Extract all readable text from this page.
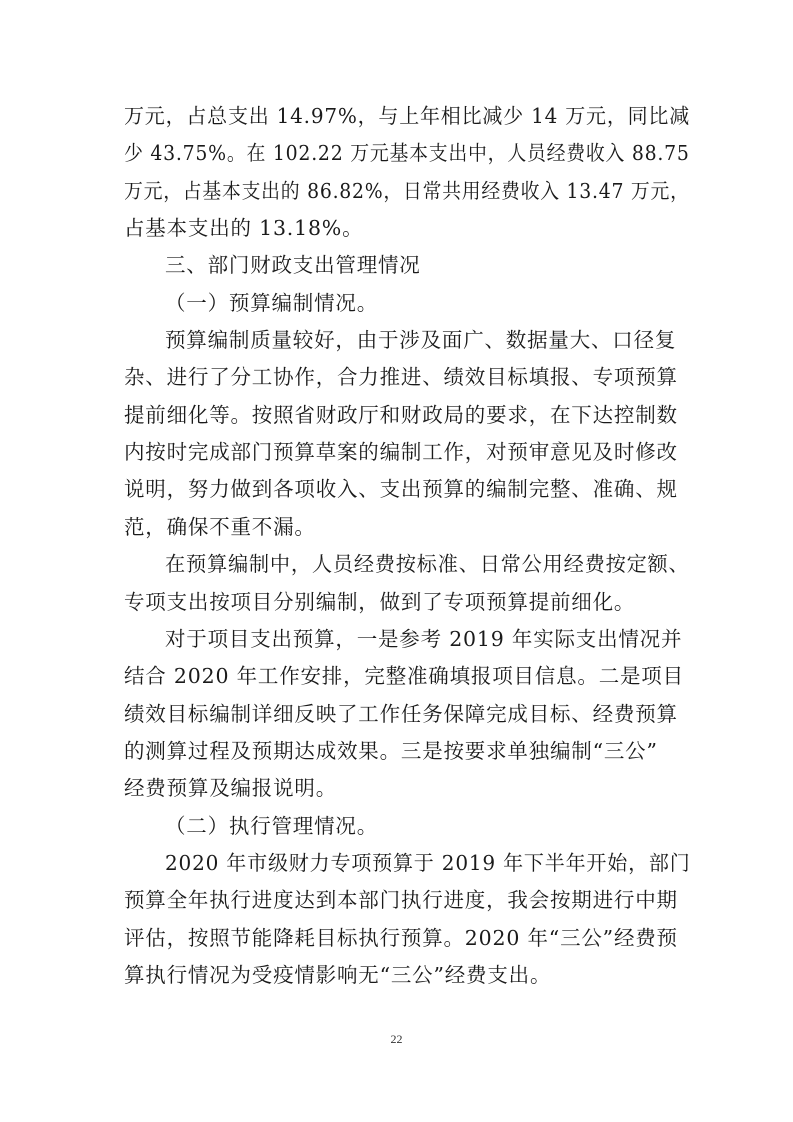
万元，占总支出 14.97%，与上年相比减少 14 万元，同比减
少 43.75%。在 102.22 万元基本支出中，人员经费收入 88.75
万元，占基本支出的 86.82%，日常共用经费收入 13.47 万元，
占基本支出的 13.18%。
三、部门财政支出管理情况
（一）预算编制情况。
预算编制质量较好，由于涉及面广、数据量大、口径复
杂、进行了分工协作，合力推进、绩效目标填报、专项预算
提前细化等。按照省财政厅和财政局的要求，在下达控制数
内按时完成部门预算草案的编制工作，对预审意见及时修改
说明，努力做到各项收入、支出预算的编制完整、准确、规
范，确保不重不漏。
在预算编制中，人员经费按标准、日常公用经费按定额、
专项支出按项目分别编制，做到了专项预算提前细化。
对于项目支出预算，一是参考 2019 年实际支出情况并
结合 2020 年工作安排，完整准确填报项目信息。二是项目
绩效目标编制详细反映了工作任务保障完成目标、经费预算
的测算过程及预期达成效果。三是按要求单独编制“三公”
经费预算及编报说明。
（二）执行管理情况。
2020 年市级财力专项预算于 2019 年下半年开始，部门
预算全年执行进度达到本部门执行进度，我会按期进行中期
评估，按照节能降耗目标执行预算。2020 年“三公”经费预
算执行情况为受疫情影响无“三公”经费支出。
22
